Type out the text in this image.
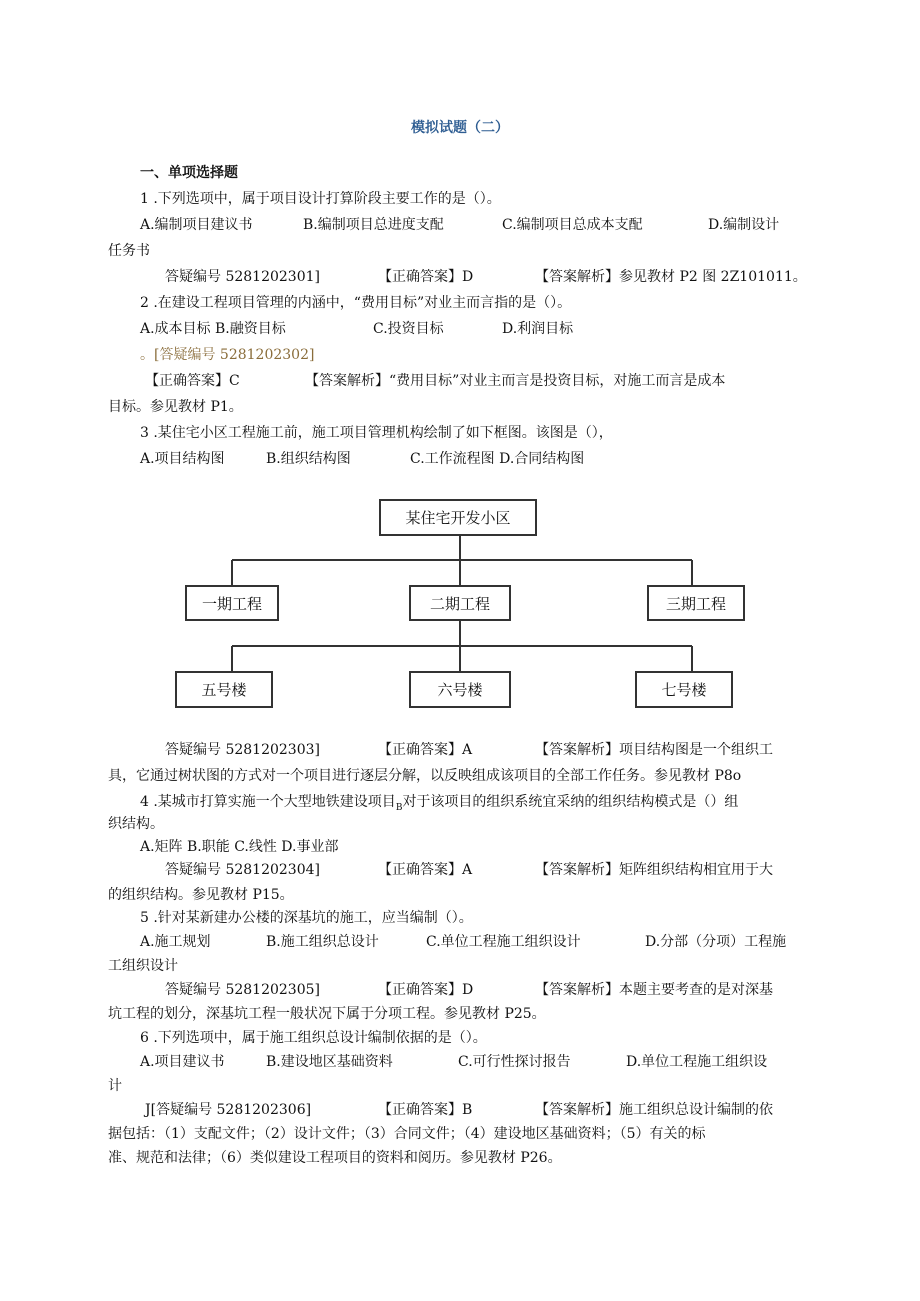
模拟试题（二）
一、单项选择题
1 .下列选项中，属于项目设计打算阶段主要工作的是（）。
A.编制项目建议书	B.编制项目总进度支配	C.编制项目总成本支配	D.编制设计
任务书
答疑编号 5281202301]	【正确答案】D	【答案解析】参见教材 P2 图 2Z101011。
2 .在建设工程项目管理的内涵中，“费用目标”对业主而言指的是（）。
A.成本目标 B.融资目标	C.投资目标	D.利润目标
。[答疑编号 5281202302]
【正确答案】C	【答案解析】“费用目标”对业主而言是投资目标，对施工而言是成本
目标。参见教材 P1。
3 .某住宅小区工程施工前，施工项目管理机构绘制了如下框图。该图是（），
A.项目结构图	B.组织结构图	C.工作流程图 D.合同结构图
某住宅开发小区
一期工程	二期工程	三期工程
五号楼	六号楼	七号楼
答疑编号 5281202303]	【正确答案】A	【答案解析】项目结构图是一个组织工
具，它通过树状图的方式对一个项目进行逐层分解，以反映组成该项目的全部工作任务。参见教材 P8o
4 .某城市打算实施一个大型地铁建设项目$_B$对于该项目的组织系统宜采纳的组织结构模式是（）组
织结构。
A.矩阵 B.职能 C.线性 D.事业部
答疑编号 5281202304]	【正确答案】A	【答案解析】矩阵组织结构相宜用于大
的组织结构。参见教材 P15。
5 .针对某新建办公楼的深基坑的施工，应当编制（）。
A.施工规划	B.施工组织总设计	C.单位工程施工组织设计	D.分部（分项）工程施
工组织设计
答疑编号 5281202305]	【正确答案】D	【答案解析】本题主要考查的是对深基
坑工程的划分，深基坑工程一般状况下属于分项工程。参见教材 P25。
6 .下列选项中，属于施工组织总设计编制依据的是（）。
A.项目建议书	B.建设地区基础资料	C.可行性探讨报告	D.单位工程施工组织设
计
J[答疑编号 5281202306]	【正确答案】B	【答案解析】施工组织总设计编制的依
据包括：（1）支配文件；（2）设计文件；（3）合同文件；（4）建设地区基础资料；（5）有关的标
准、规范和法律；（6）类似建设工程项目的资料和阅历。参见教材 P26。
